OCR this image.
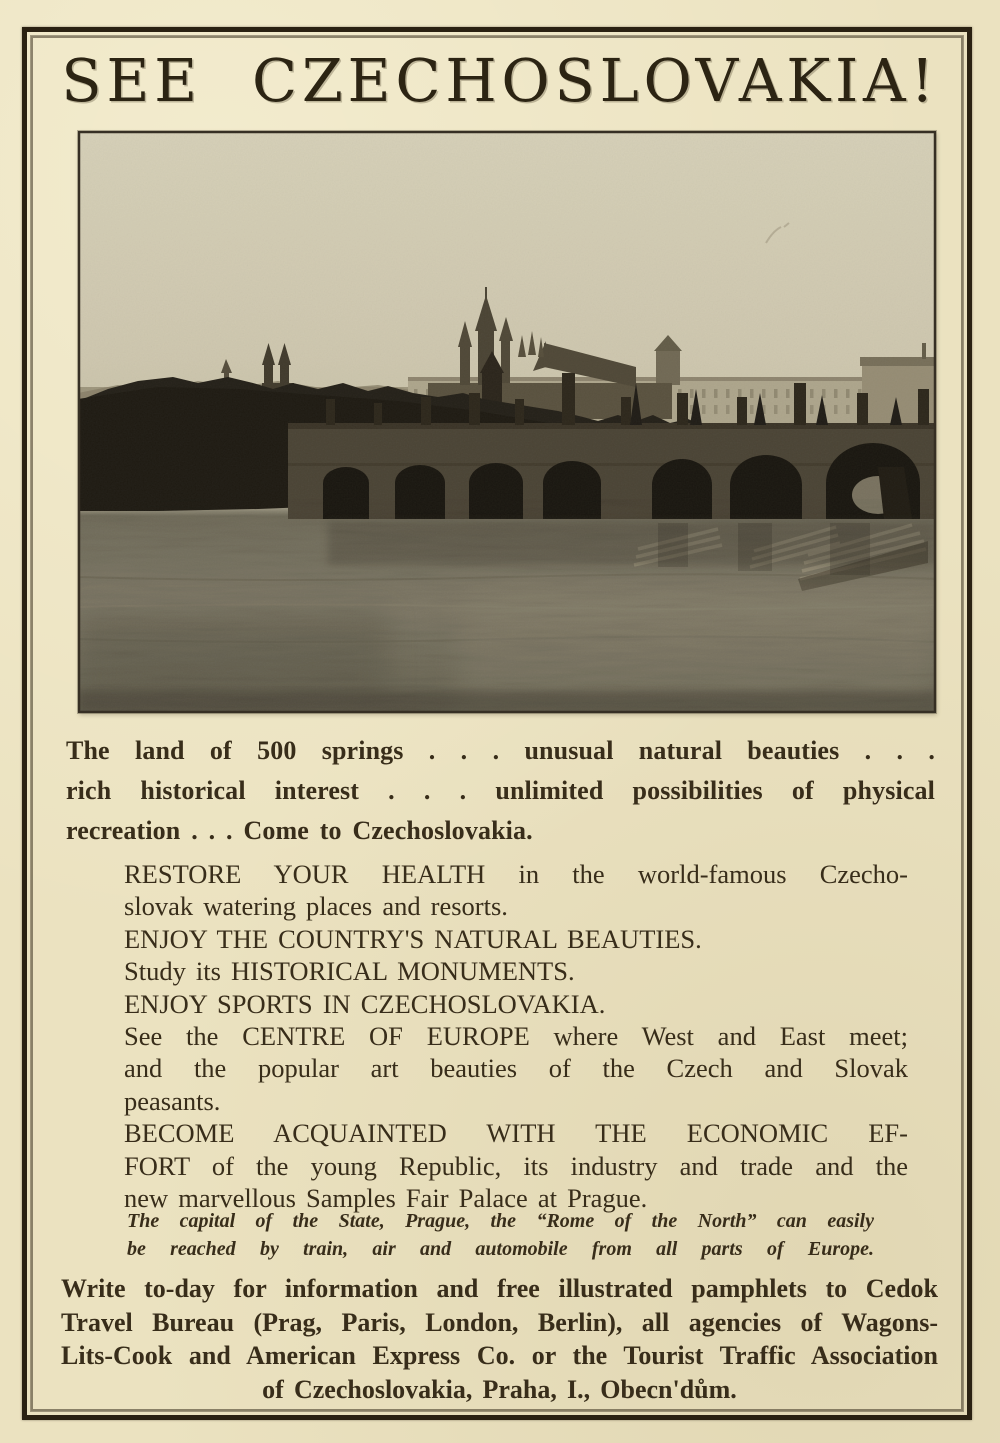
SEE CZECHOSLOVAKIA!

The land of 500 springs . . . unusual natural beauties . . .
rich historical interest . . . unlimited possibilities of physical
recreation . . . Come to Czechoslovakia.

RESTORE YOUR HEALTH in the world-famous Czecho-
slovak watering places and resorts.
ENJOY THE COUNTRY'S NATURAL BEAUTIES.
Study its HISTORICAL MONUMENTS.
ENJOY SPORTS IN CZECHOSLOVAKIA.
See the CENTRE OF EUROPE where West and East meet;
and the popular art beauties of the Czech and Slovak
peasants.
BECOME ACQUAINTED WITH THE ECONOMIC EF-
FORT of the young Republic, its industry and trade and the
new marvellous Samples Fair Palace at Prague.

The capital of the State, Prague, the “Rome of the North” can easily
be reached by train, air and automobile from all parts of Europe.

Write to-day for information and free illustrated pamphlets to Cedok
Travel Bureau (Prag, Paris, London, Berlin), all agencies of Wagons-
Lits-Cook and American Express Co. or the Tourist Traffic Association
of Czechoslovakia, Praha, I., Obecn'dům.
